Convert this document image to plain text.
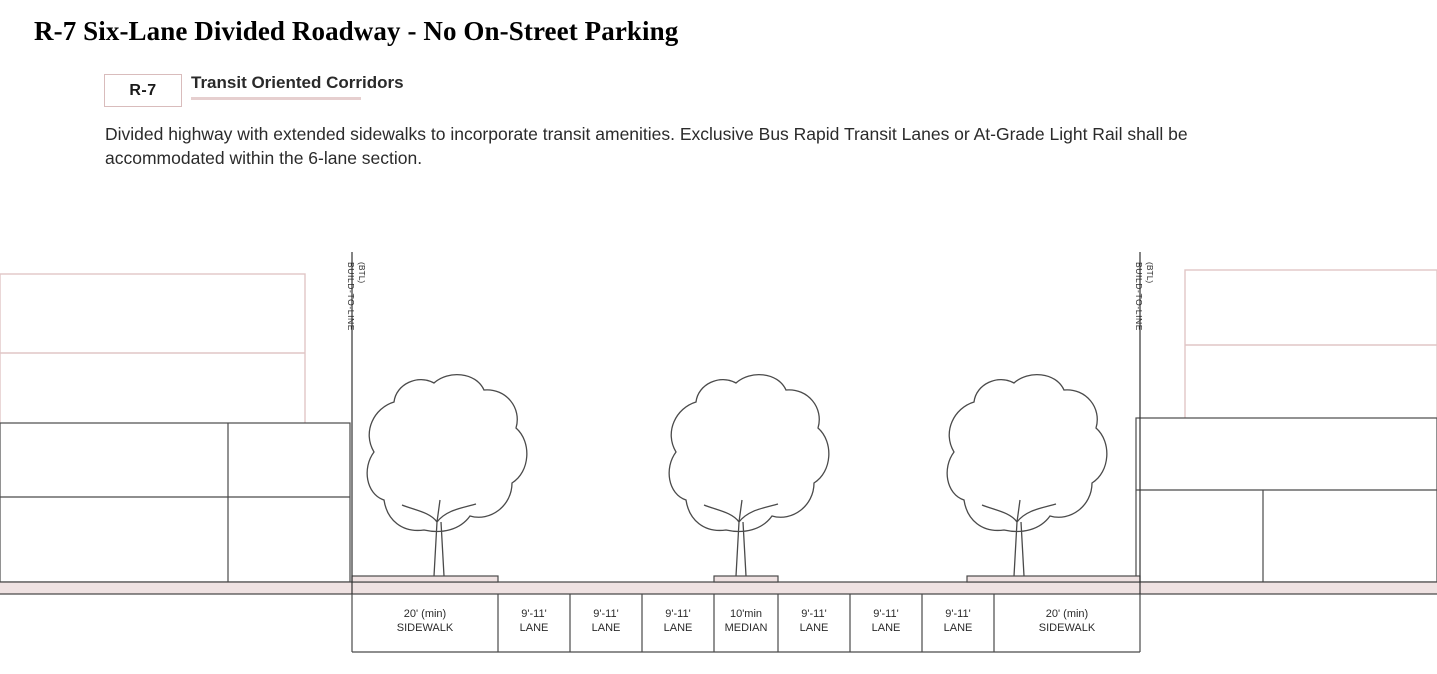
R-7 Six-Lane Divided Roadway - No On-Street Parking
R-7	Transit Oriented Corridors
Divided highway with extended sidewalks to incorporate transit amenities. Exclusive Bus Rapid Transit Lanes or At-Grade Light Rail shall be accommodated within the 6-lane section.
BUILD-TO-LINE (BTL)	BUILD-TO-LINE (BTL)
20' (min)
SIDEWALK
9'-11'
LANE
9'-11'
LANE
9'-11'
LANE
10'min
MEDIAN
9'-11'
LANE
9'-11'
LANE
9'-11'
LANE
20' (min)
SIDEWALK
